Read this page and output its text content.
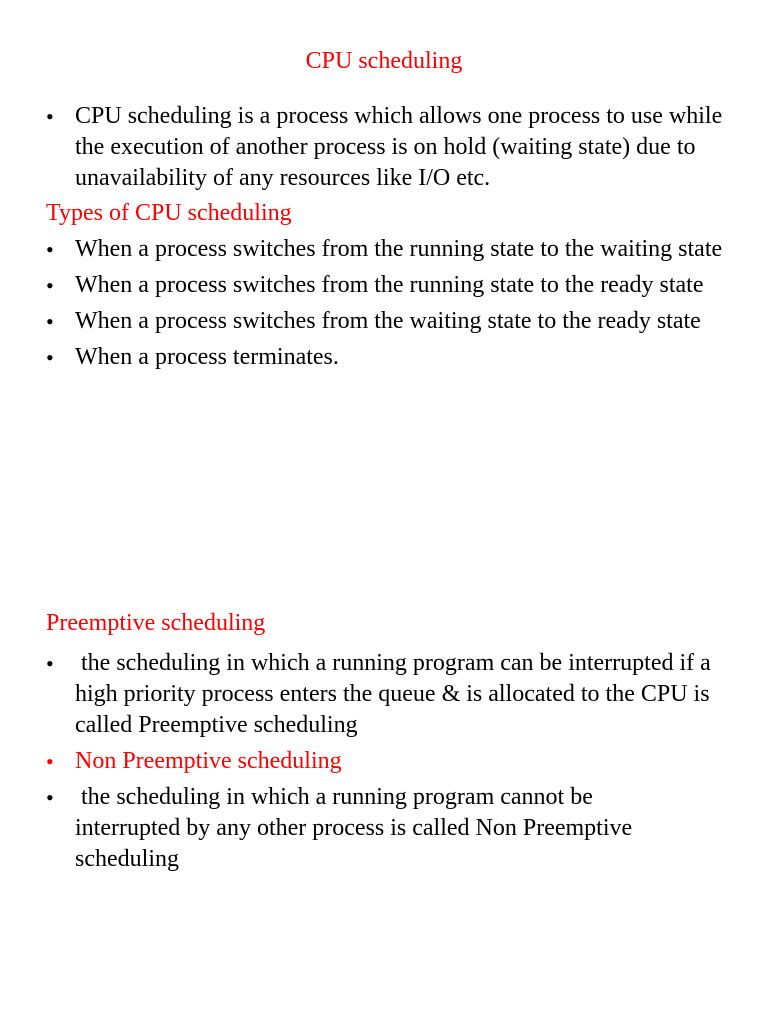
CPU scheduling
• CPU scheduling is a process which allows one process to use while the execution of another process is on hold (waiting state) due to unavailability of any resources like I/O etc.
Types of CPU scheduling
• When a process switches from the running state to the waiting state
• When a process switches from the running state to the ready state
• When a process switches from the waiting state to the ready state
• When a process terminates.
Preemptive scheduling
• the scheduling in which a running program can be interrupted if a high priority process enters the queue & is allocated to the CPU is called Preemptive scheduling
• Non Preemptive scheduling
• the scheduling in which a running program cannot be interrupted by any other process is called Non Preemptive scheduling
